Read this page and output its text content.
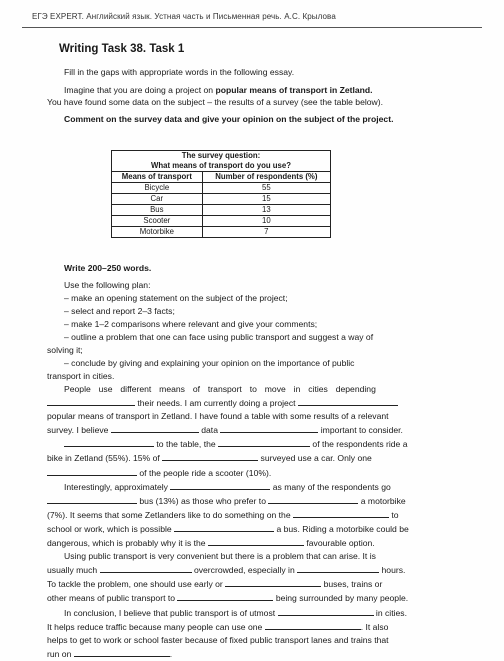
ЕГЭ EXPERT. Английский язык. Устная часть и Письменная речь. А.С. Крылова
Writing Task 38. Task 1
Fill in the gaps with appropriate words in the following essay.
Imagine that you are doing a project on popular means of transport in Zetland.
You have found some data on the subject – the results of a survey (see the table below).
Comment on the survey data and give your opinion on the subject of the project.
The survey question:
What means of transport do you use?	

Means of transport	Number of respondents (%)
Bicycle	55
Car	15
Bus	13
Scooter	10
Motorbike	7
Write 200–250 words.
Use the following plan:
– make an opening statement on the subject of the project;
– select and report 2–3 facts;
– make 1–2 comparisons where relevant and give your comments;
– outline a problem that one can face using public transport and suggest a way of
solving it;
– conclude by giving and explaining your opinion on the importance of public
transport in cities.
People use different means of transport to move in cities depending
their needs. I am currently doing a project
popular means of transport in Zetland. I have found a table with some results of a relevant
survey. I believe	data	important to consider.
to the table, the	of the respondents ride a
bike in Zetland (55%). 15% of	surveyed use a car. Only one
of the people ride a scooter (10%).
Interestingly, approximately	as many of the respondents go
bus (13%) as those who prefer to	a motorbike
(7%). It seems that some Zetlanders like to do something on the	to
school or work, which is possible	a bus. Riding a motorbike could be
dangerous, which is probably why it is the	favourable option.
Using public transport is very convenient but there is a problem that can arise. It is
usually much	overcrowded, especially in	hours.
To tackle the problem, one should use early or	buses, trains or
other means of public transport to	being surrounded by many people.
In conclusion, I believe that public transport is of utmost	in cities.
It helps reduce traffic because many people can use one	. It also
helps to get to work or school faster because of fixed public transport lanes and trains that
run on	.
